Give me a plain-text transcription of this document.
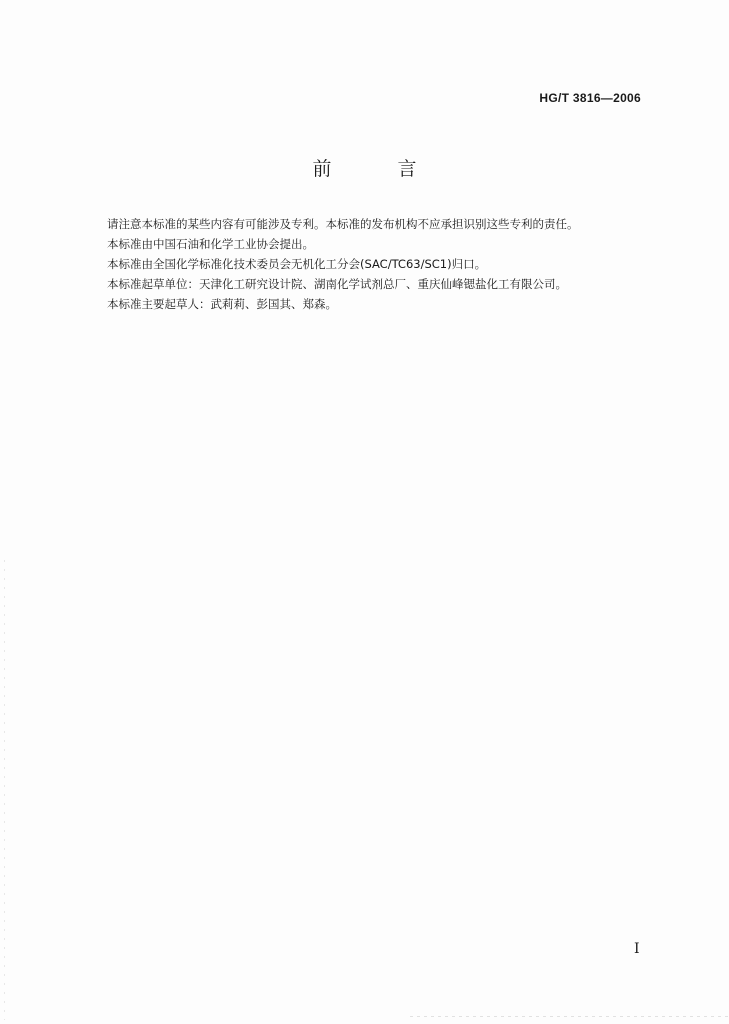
HG/T 3816—2006
前 言

请注意本标准的某些内容有可能涉及专利。本标准的发布机构不应承担识别这些专利的责任。

本标准由中国石油和化学工业协会提出。

本标准由全国化学标准化技术委员会无机化工分会(SAC/TC63/SC1)归口。

本标准起草单位：天津化工研究设计院、湖南化学试剂总厂、重庆仙峰锶盐化工有限公司。

本标准主要起草人：武莉莉、彭国其、郑森。

I
